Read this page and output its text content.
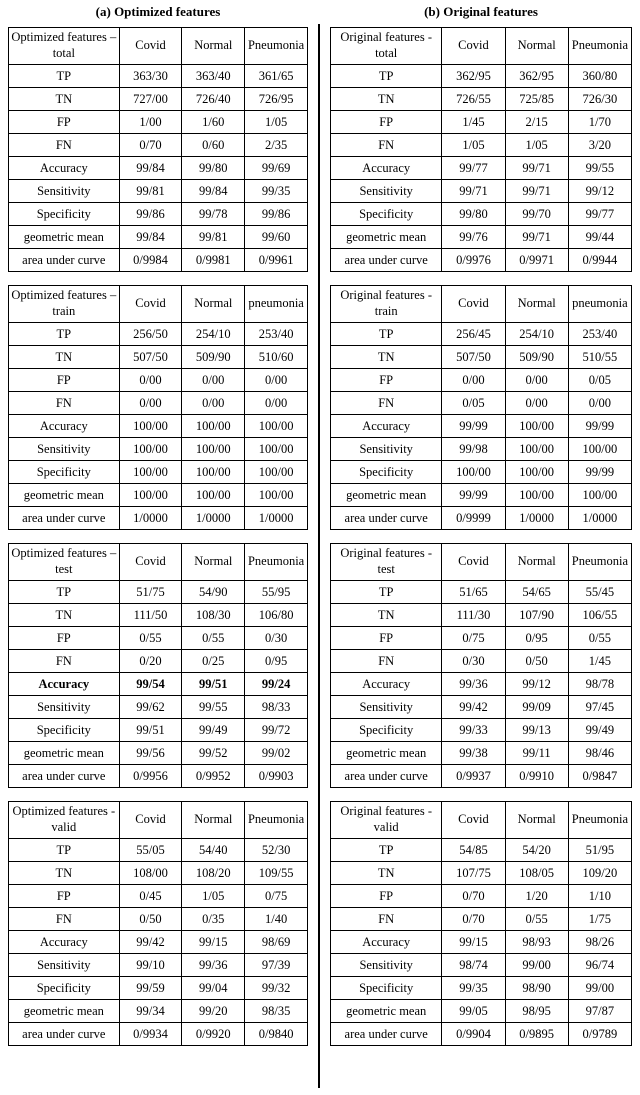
(a) Optimized features
Optimized features –total	Covid	Normal	Pneumonia
TP	363/30	363/40	361/65
TN	727/00	726/40	726/95
FP	1/00	1/60	1/05
FN	0/70	0/60	2/35
Accuracy	99/84	99/80	99/69
Sensitivity	99/81	99/84	99/35
Specificity	99/86	99/78	99/86
geometric mean	99/84	99/81	99/60
area under curve	0/9984	0/9981	0/9961
Optimized features –train	Covid	Normal	pneumonia
TP	256/50	254/10	253/40
TN	507/50	509/90	510/60
FP	0/00	0/00	0/00
FN	0/00	0/00	0/00
Accuracy	100/00	100/00	100/00
Sensitivity	100/00	100/00	100/00
Specificity	100/00	100/00	100/00
geometric mean	100/00	100/00	100/00
area under curve	1/0000	1/0000	1/0000
Optimized features –test	Covid	Normal	Pneumonia
TP	51/75	54/90	55/95
TN	111/50	108/30	106/80
FP	0/55	0/55	0/30
FN	0/20	0/25	0/95
Accuracy	99/54	99/51	99/24
Sensitivity	99/62	99/55	98/33
Specificity	99/51	99/49	99/72
geometric mean	99/56	99/52	99/02
area under curve	0/9956	0/9952	0/9903
Optimized features -valid	Covid	Normal	Pneumonia
TP	55/05	54/40	52/30
TN	108/00	108/20	109/55
FP	0/45	1/05	0/75
FN	0/50	0/35	1/40
Accuracy	99/42	99/15	98/69
Sensitivity	99/10	99/36	97/39
Specificity	99/59	99/04	99/32
geometric mean	99/34	99/20	98/35
area under curve	0/9934	0/9920	0/9840
(b) Original features
Original features -total	Covid	Normal	Pneumonia
TP	362/95	362/95	360/80
TN	726/55	725/85	726/30
FP	1/45	2/15	1/70
FN	1/05	1/05	3/20
Accuracy	99/77	99/71	99/55
Sensitivity	99/71	99/71	99/12
Specificity	99/80	99/70	99/77
geometric mean	99/76	99/71	99/44
area under curve	0/9976	0/9971	0/9944
Original features -train	Covid	Normal	pneumonia
TP	256/45	254/10	253/40
TN	507/50	509/90	510/55
FP	0/00	0/00	0/05
FN	0/05	0/00	0/00
Accuracy	99/99	100/00	99/99
Sensitivity	99/98	100/00	100/00
Specificity	100/00	100/00	99/99
geometric mean	99/99	100/00	100/00
area under curve	0/9999	1/0000	1/0000
Original features -test	Covid	Normal	Pneumonia
TP	51/65	54/65	55/45
TN	111/30	107/90	106/55
FP	0/75	0/95	0/55
FN	0/30	0/50	1/45
Accuracy	99/36	99/12	98/78
Sensitivity	99/42	99/09	97/45
Specificity	99/33	99/13	99/49
geometric mean	99/38	99/11	98/46
area under curve	0/9937	0/9910	0/9847
Original features -valid	Covid	Normal	Pneumonia
TP	54/85	54/20	51/95
TN	107/75	108/05	109/20
FP	0/70	1/20	1/10
FN	0/70	0/55	1/75
Accuracy	99/15	98/93	98/26
Sensitivity	98/74	99/00	96/74
Specificity	99/35	98/90	99/00
geometric mean	99/05	98/95	97/87
area under curve	0/9904	0/9895	0/9789
